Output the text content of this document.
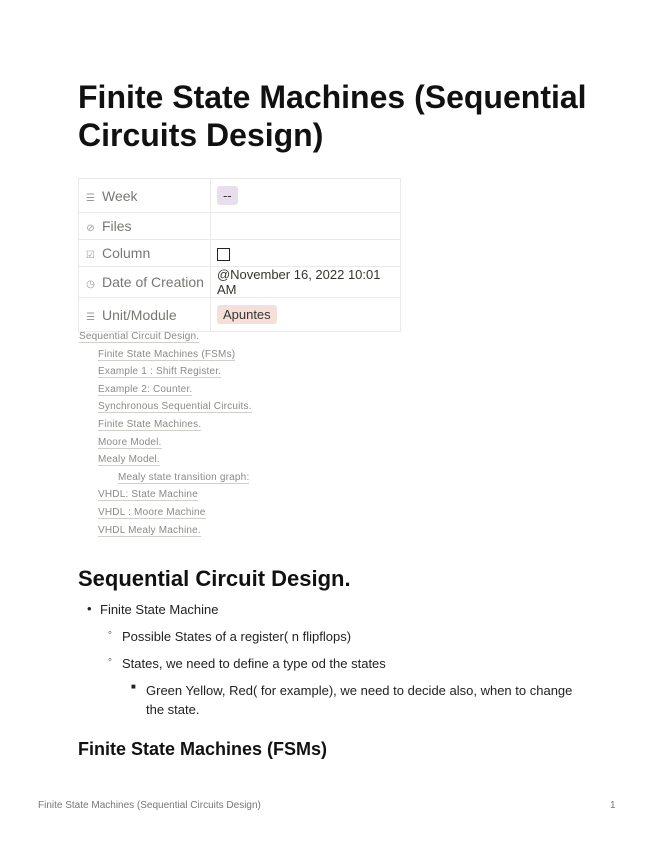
Finite State Machines (Sequential Circuits Design)
☰ Week	--
⊘ Files	
☑ Column	
◷ Date of Creation	@November 16, 2022 10:01 AM
☰ Unit/Module	Apuntes
Sequential Circuit Design.
Finite State Machines (FSMs)
Example 1 : Shift Register.
Example 2: Counter.
Synchronous Sequential Circuits.
Finite State Machines.
Moore Model.
Mealy Model.
Mealy state transition graph:
VHDL: State Machine
VHDL : Moore Machine
VHDL Mealy Machine.
Sequential Circuit Design.
• Finite State Machine
◦ Possible States of a register( n flipflops)
◦ States, we need to define a type od the states
■ Green Yellow, Red( for example), we need to decide also, when to change the state.
Finite State Machines (FSMs)
Finite State Machines (Sequential Circuits Design)	1
